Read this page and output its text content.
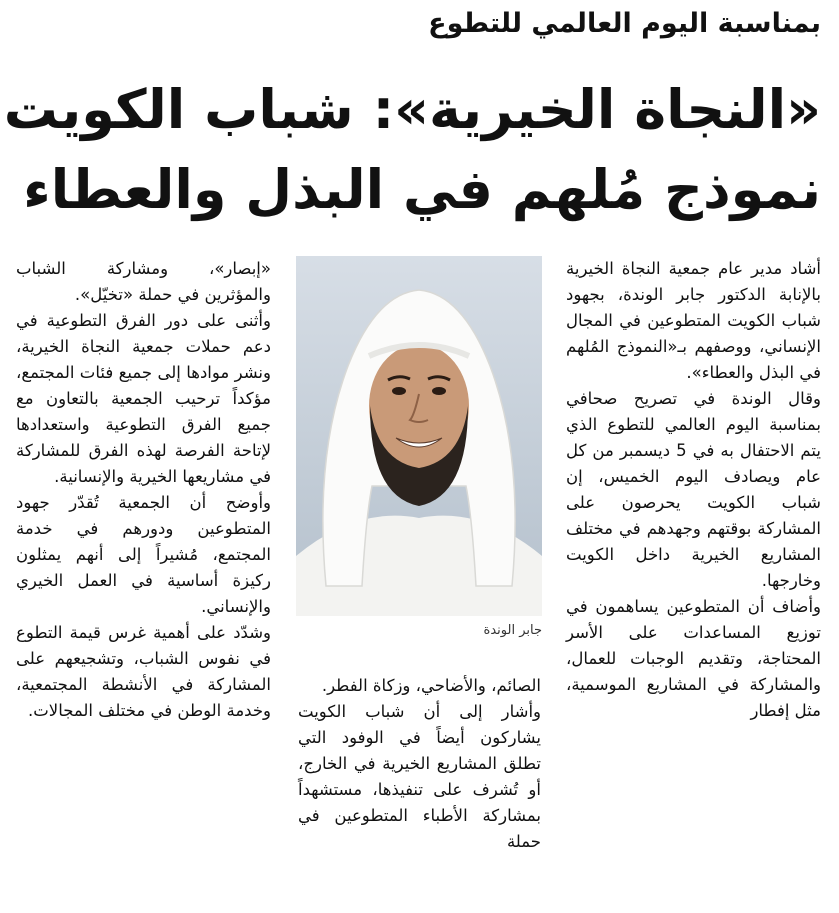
بمناسبة اليوم العالمي للتطوع
«النجاة الخيرية»: شباب الكويت
نموذج مُلهم في البذل والعطاء

أشاد مدير عام جمعية النجاة الخيرية بالإنابة الدكتور جابر الوندة، بجهود شباب الكويت المتطوعين في المجال الإنساني، ووصفهم بـ«النموذج المُلهم في البذل والعطاء».

وقال الوندة في تصريح صحافي بمناسبة اليوم العالمي للتطوع الذي يتم الاحتفال به في 5 ديسمبر من كل عام ويصادف اليوم الخميس، إن شباب الكويت يحرصون على المشاركة بوقتهم وجهدهم في مختلف المشاريع الخيرية داخل الكويت وخارجها.

وأضاف أن المتطوعين يساهمون في توزيع المساعدات على الأسر المحتاجة، وتقديم الوجبات للعمال، والمشاركة في المشاريع الموسمية، مثل إفطار

جابر الوندة

الصائم، والأضاحي، وزكاة الفطر.

وأشار إلى أن شباب الكويت يشاركون أيضاً في الوفود التي تطلق المشاريع الخيرية في الخارج، أو تُشرف على تنفيذها، مستشهداً بمشاركة الأطباء المتطوعين في حملة

«إبصار»، ومشاركة الشباب والمؤثرين في حملة «تخيّل».

وأثنى على دور الفرق التطوعية في دعم حملات جمعية النجاة الخيرية، ونشر موادها إلى جميع فئات المجتمع، مؤكداً ترحيب الجمعية بالتعاون مع جميع الفرق التطوعية واستعدادها لإتاحة الفرصة لهذه الفرق للمشاركة في مشاريعها الخيرية والإنسانية.

وأوضح أن الجمعية تُقدّر جهود المتطوعين ودورهم في خدمة المجتمع، مُشيراً إلى أنهم يمثلون ركيزة أساسية في العمل الخيري والإنساني.

وشدّد على أهمية غرس قيمة التطوع في نفوس الشباب، وتشجيعهم على المشاركة في الأنشطة المجتمعية، وخدمة الوطن في مختلف المجالات.
